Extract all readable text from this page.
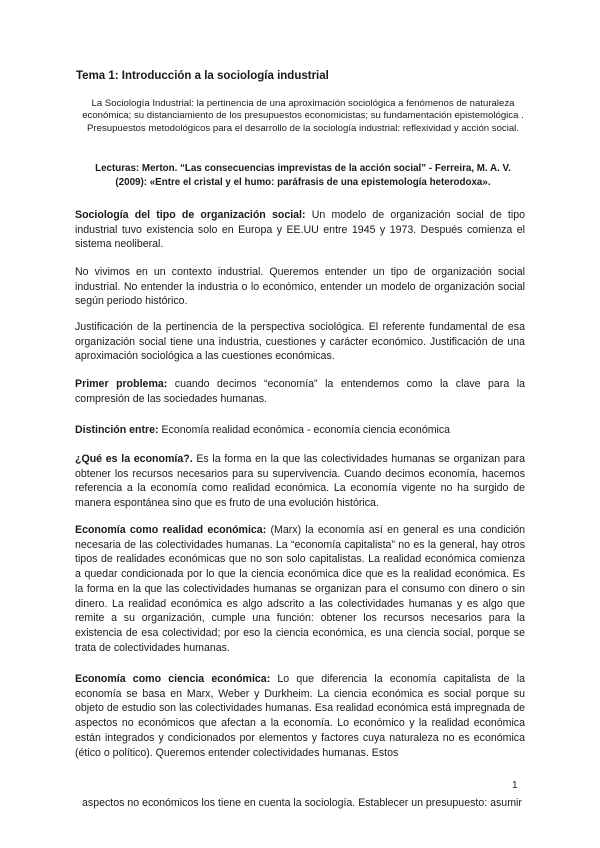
Tema 1: Introducción a la sociología industrial
La Sociología Industrial: la pertinencia de una aproximación sociológica a fenómenos de naturaleza económica; su distanciamiento de los presupuestos economicistas; su fundamentación epistemológica . Presupuestos metodológicos para el desarrollo de la sociología industrial: reflexividad y acción social.
Lecturas: Merton. “Las consecuencias imprevistas de la acción social” - Ferreira, M. A. V. (2009): «Entre el cristal y el humo: paráfrasis de una epistemología heterodoxa».
Sociología del tipo de organización social: Un modelo de organización social de tipo industrial tuvo existencia solo en Europa y EE.UU entre 1945 y 1973. Después comienza el sistema neoliberal.
No vivimos en un contexto industrial. Queremos entender un tipo de organización social industrial. No entender la industria o lo económico, entender un modelo de organización social según periodo histórico.
Justificación de la pertinencia de la perspectiva sociológica. El referente fundamental de esa organización social tiene una industria, cuestiones y carácter económico. Justificación de una aproximación sociológica a las cuestiones económicas.
Primer problema: cuando decimos “economía” la entendemos como la clave para la compresión de las sociedades humanas.
Distinción entre: Economía realidad económica - economía ciencia económica
¿Qué es la economía?. Es la forma en la que las colectividades humanas se organizan para obtener los recursos necesarios para su supervivencia. Cuando decimos economía, hacemos referencia a la economía como realidad económica. La economía vigente no ha surgido de manera espontánea sino que es fruto de una evolución histórica.
Economía como realidad económica: (Marx) la economía así en general es una condición necesaria de las colectividades humanas. La “economía capitalista” no es la general, hay otros tipos de realidades económicas que no son solo capitalistas. La realidad económica comienza a quedar condicionada por lo que la ciencia económica dice que es la realidad económica. Es la forma en la que las colectividades humanas se organizan para el consumo con dinero o sin dinero. La realidad económica es algo adscrito a las colectividades humanas y es algo que remite a su organización, cumple una función: obtener los recursos necesarios para la existencia de esa colectividad; por eso la ciencia económica, es una ciencia social, porque se trata de colectividades humanas.
Economía como ciencia económica: Lo que diferencia la economía capitalista de la economía se basa en Marx, Weber y Durkheim. La ciencia económica es social porque su objeto de estudio son las colectividades humanas. Esa realidad económica está impregnada de aspectos no económicos que afectan a la economía. Lo económico y la realidad económica están integrados y condicionados por elementos y factores cuya naturaleza no es económica (ético o político). Queremos entender colectividades humanas. Estos
1
aspectos no económicos los tiene en cuenta la sociología. Establecer un presupuesto: asumir
